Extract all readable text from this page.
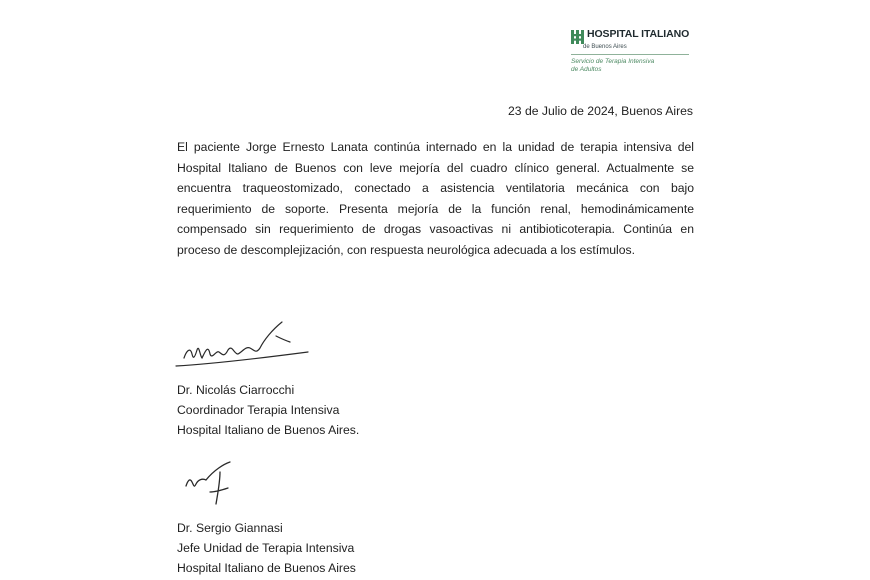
HOSPITAL ITALIANO
de Buenos Aires
Servicio de Terapia Intensiva
de Adultos
23 de Julio de 2024, Buenos Aires
El paciente Jorge Ernesto Lanata continúa internado en la unidad de terapia intensiva del Hospital Italiano de Buenos con leve mejoría del cuadro clínico general. Actualmente se encuentra traqueostomizado, conectado a asistencia ventilatoria mecánica con bajo requerimiento de soporte. Presenta mejoría de la función renal, hemodinámicamente compensado sin requerimiento de drogas vasoactivas ni antibioticoterapia. Continúa en proceso de descomplejización, con respuesta neurológica adecuada a los estímulos.
Dr. Nicolás Ciarrocchi
Coordinador Terapia Intensiva
Hospital Italiano de Buenos Aires.
Dr. Sergio Giannasi
Jefe Unidad de Terapia Intensiva
Hospital Italiano de Buenos Aires
